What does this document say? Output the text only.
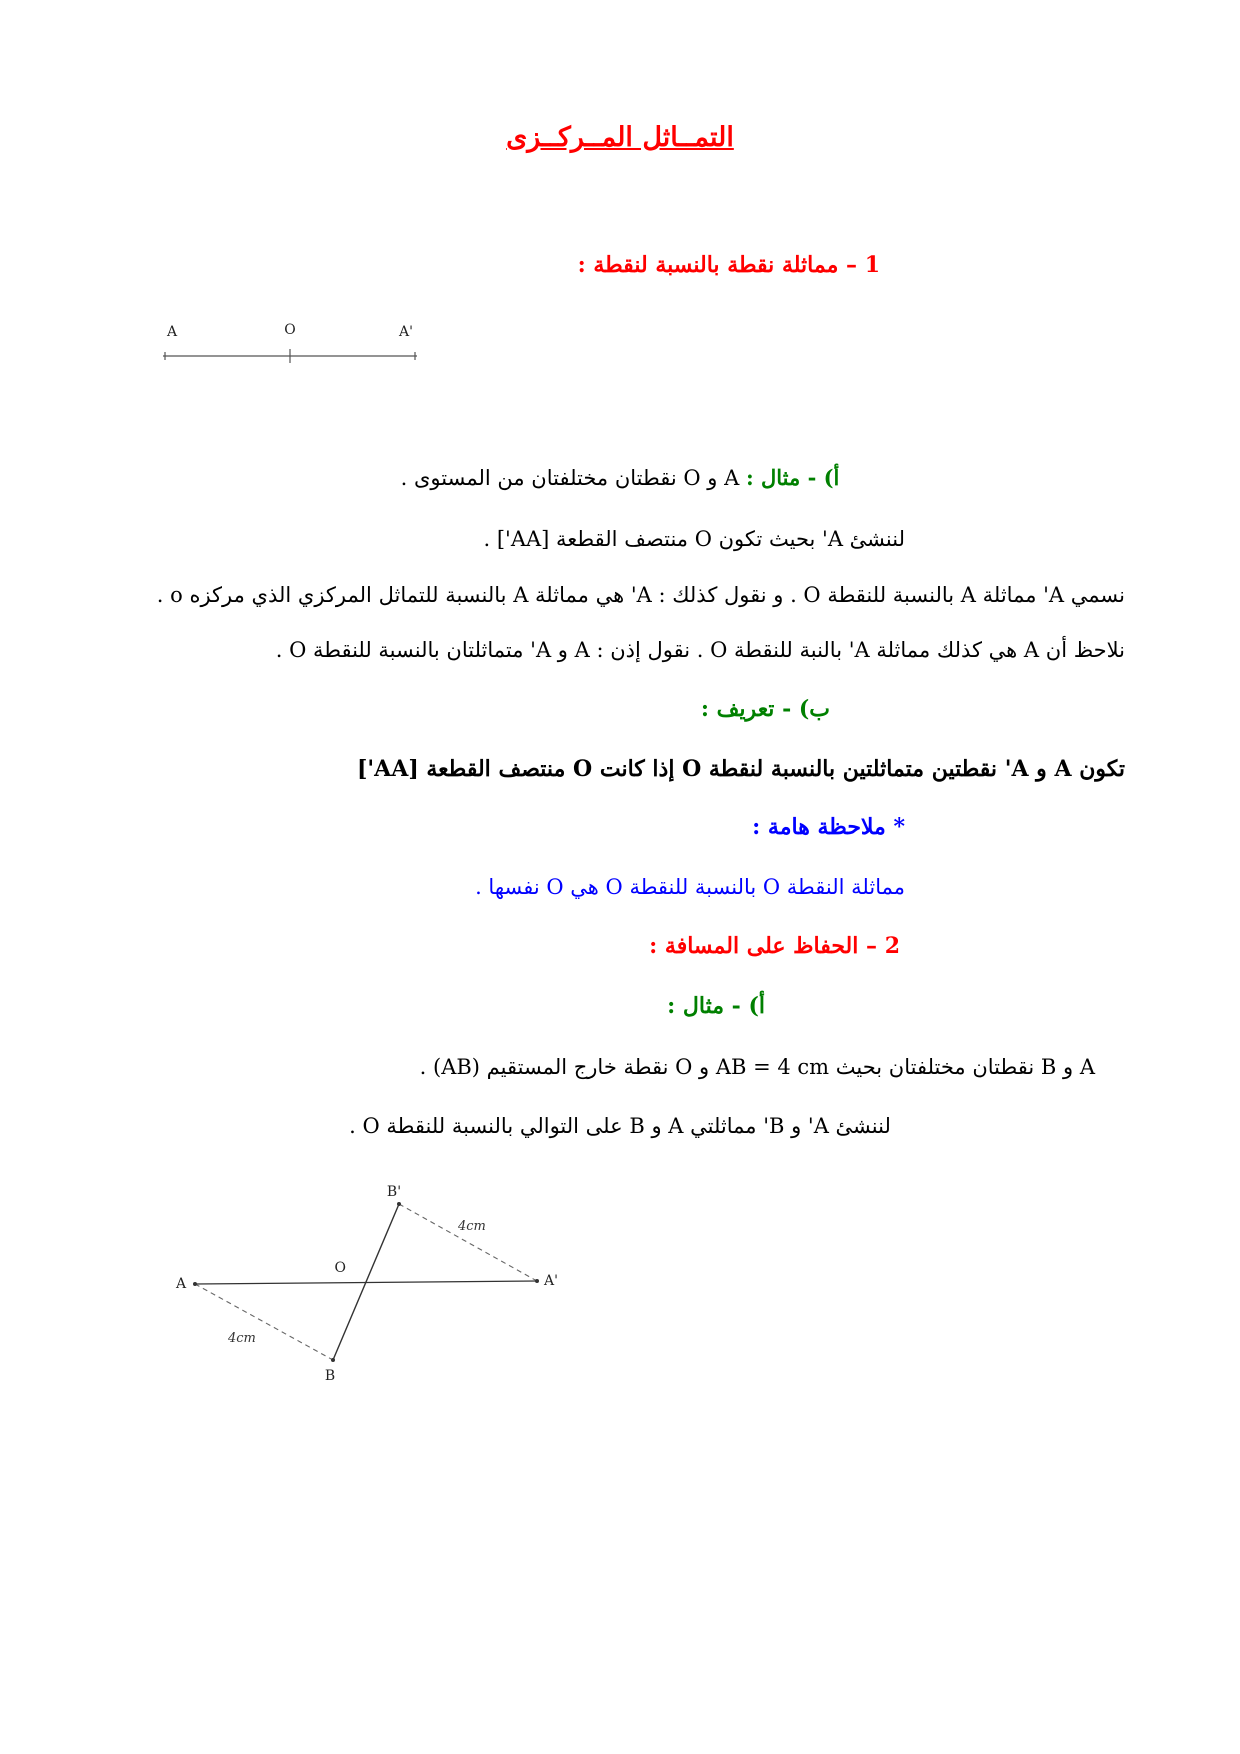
التمــاثل المــركــزى
1 – مماثلة نقطة بالنسبة لنقطة :
A	O	A'
أ) - مثال : A و O نقطتان مختلفتان من المستوى .
لننشئ A' بحيث تكون O منتصف القطعة [AA'] .
نسمي A' مماثلة A بالنسبة للنقطة O . و نقول كذلك : A' هي مماثلة A بالنسبة للتماثل المركزي الذي مركزه o .
نلاحظ أن A هي كذلك مماثلة A' بالنبة للنقطة O . نقول إذن : A و A' متماثلتان بالنسبة للنقطة O .
ب) - تعريف :
تكون A و A' نقطتين متماثلتين بالنسبة لنقطة O إذا كانت O منتصف القطعة [AA']
* ملاحظة هامة :
مماثلة النقطة O بالنسبة للنقطة O هي O نفسها .
2 – الحفاظ على المسافة :
أ) - مثال :
A و B نقطتان مختلفتان بحيث AB = 4 cm و O نقطة خارج المستقيم (AB) .
لننشئ A' و B' مماثلتي A و B على التوالي بالنسبة للنقطة O .
A	A'
O
B
B'
4cm
4cm
